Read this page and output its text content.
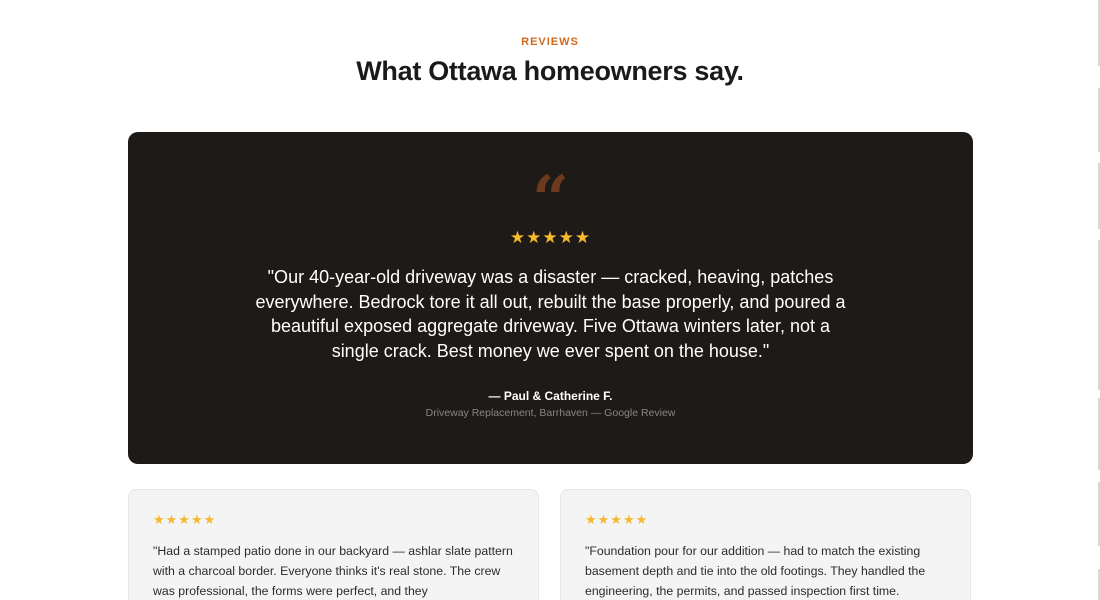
REVIEWS
What Ottawa homeowners say.
“
★★★★★

"Our 40-year-old driveway was a disaster — cracked, heaving, patches everywhere. Bedrock tore it all out, rebuilt the base properly, and poured a beautiful exposed aggregate driveway. Five Ottawa winters later, not a single crack. Best money we ever spent on the house."

— Paul & Catherine F.
Driveway Replacement, Barrhaven — Google Review
★★★★★

"Had a stamped patio done in our backyard — ashlar slate pattern with a charcoal border. Everyone thinks it's real stone. The crew was professional, the forms were perfect, and they

★★★★★

"Foundation pour for our addition — had to match the existing basement depth and tie into the old footings. They handled the engineering, the permits, and passed inspection first time.
